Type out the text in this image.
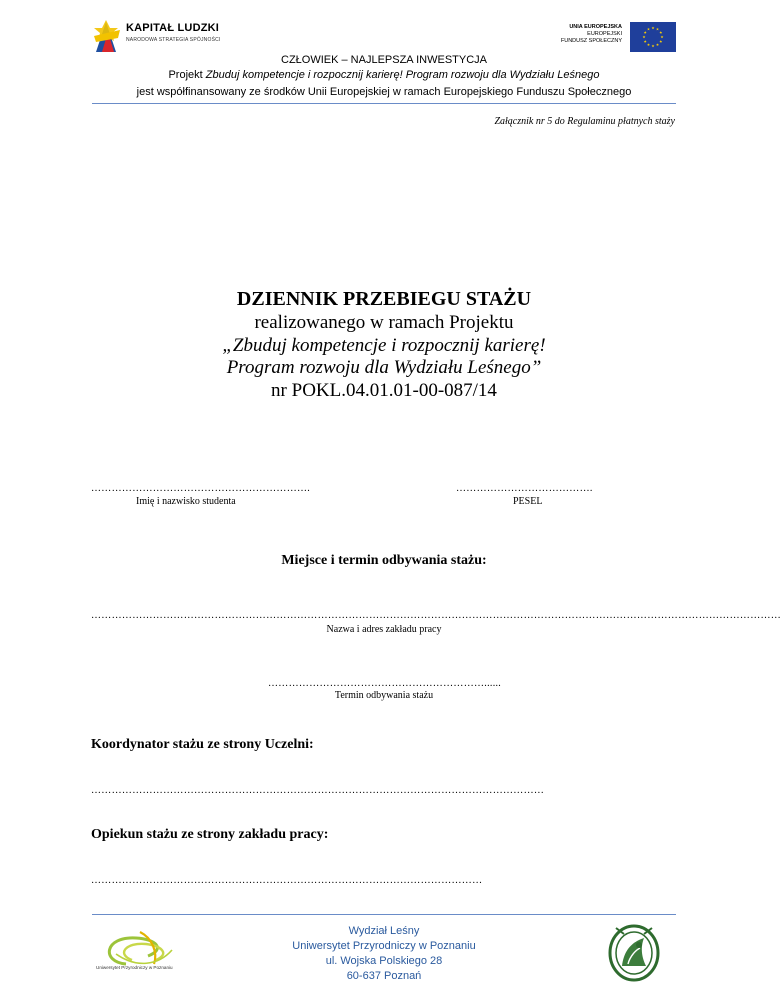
KAPITAŁ LUDZKI
NARODOWA STRATEGIA SPÓJNOŚCI
UNIA EUROPEJSKA
EUROPEJSKI
FUNDUSZ SPOŁECZNY
CZŁOWIEK – NAJLEPSZA INWESTYCJA
Projekt Zbuduj kompetencje i rozpocznij karierę! Program rozwoju dla Wydziału Leśnego
jest współfinansowany ze środków Unii Europejskiej w ramach Europejskiego Funduszu Społecznego
Załącznik nr 5 do Regulaminu płatnych staży
DZIENNIK PRZEBIEGU STAŻU
realizowanego w ramach Projektu
„Zbuduj kompetencje i rozpocznij karierę!
Program rozwoju dla Wydziału Leśnego”
nr POKL.04.01.01-00-087/14
……………………………………………………….
Imię i nazwisko studenta
………………………………….
PESEL
Miejsce i termin odbywania stażu:
…………………………………………………………………………………………………………………………………………………………………………………
Nazwa i adres zakładu pracy
………………………………………………………......
Termin odbywania stażu
Koordynator stażu ze strony Uczelni:
……………………………………………………………………………………………………………………
Opiekun stażu ze strony zakładu pracy:
……………………………………………………………………………………………………
Uniwersytet Przyrodniczy w Poznaniu
Wydział Leśny
Uniwersytet Przyrodniczy w Poznaniu
ul. Wojska Polskiego 28
60-637 Poznań
